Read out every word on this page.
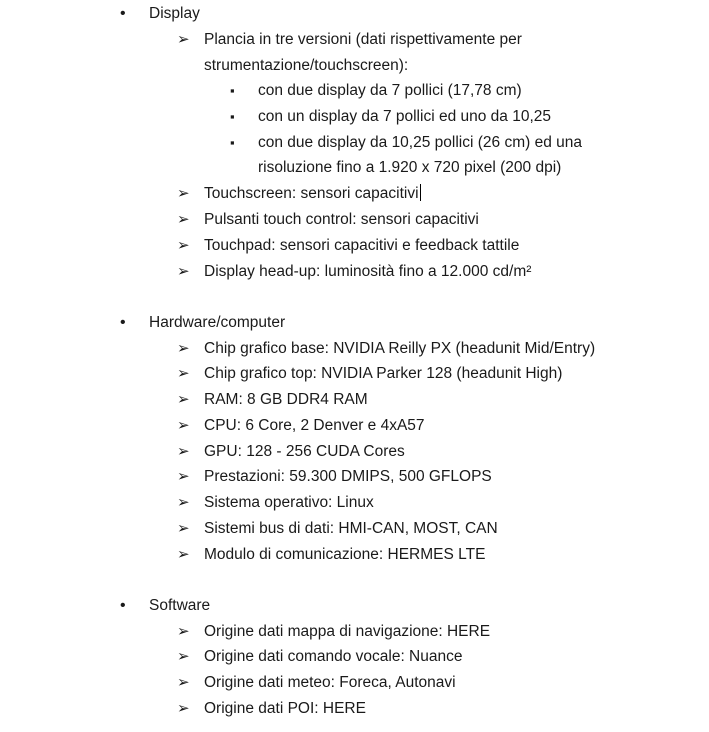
• Display
➢ Plancia in tre versioni (dati rispettivamente per
strumentazione/touchscreen):
▪ con due display da 7 pollici (17,78 cm)
▪ con un display da 7 pollici ed uno da 10,25
▪ con due display da 10,25 pollici (26 cm) ed una
risoluzione fino a 1.920 x 720 pixel (200 dpi)
➢ Touchscreen: sensori capacitivi
➢ Pulsanti touch control: sensori capacitivi
➢ Touchpad: sensori capacitivi e feedback tattile
➢ Display head-up: luminosità fino a 12.000 cd/m²
• Hardware/computer
➢ Chip grafico base: NVIDIA Reilly PX (headunit Mid/Entry)
➢ Chip grafico top: NVIDIA Parker 128 (headunit High)
➢ RAM: 8 GB DDR4 RAM
➢ CPU: 6 Core, 2 Denver e 4xA57
➢ GPU: 128 - 256 CUDA Cores
➢ Prestazioni: 59.300 DMIPS, 500 GFLOPS
➢ Sistema operativo: Linux
➢ Sistemi bus di dati: HMI-CAN, MOST, CAN
➢ Modulo di comunicazione: HERMES LTE
• Software
➢ Origine dati mappa di navigazione: HERE
➢ Origine dati comando vocale: Nuance
➢ Origine dati meteo: Foreca, Autonavi
➢ Origine dati POI: HERE
